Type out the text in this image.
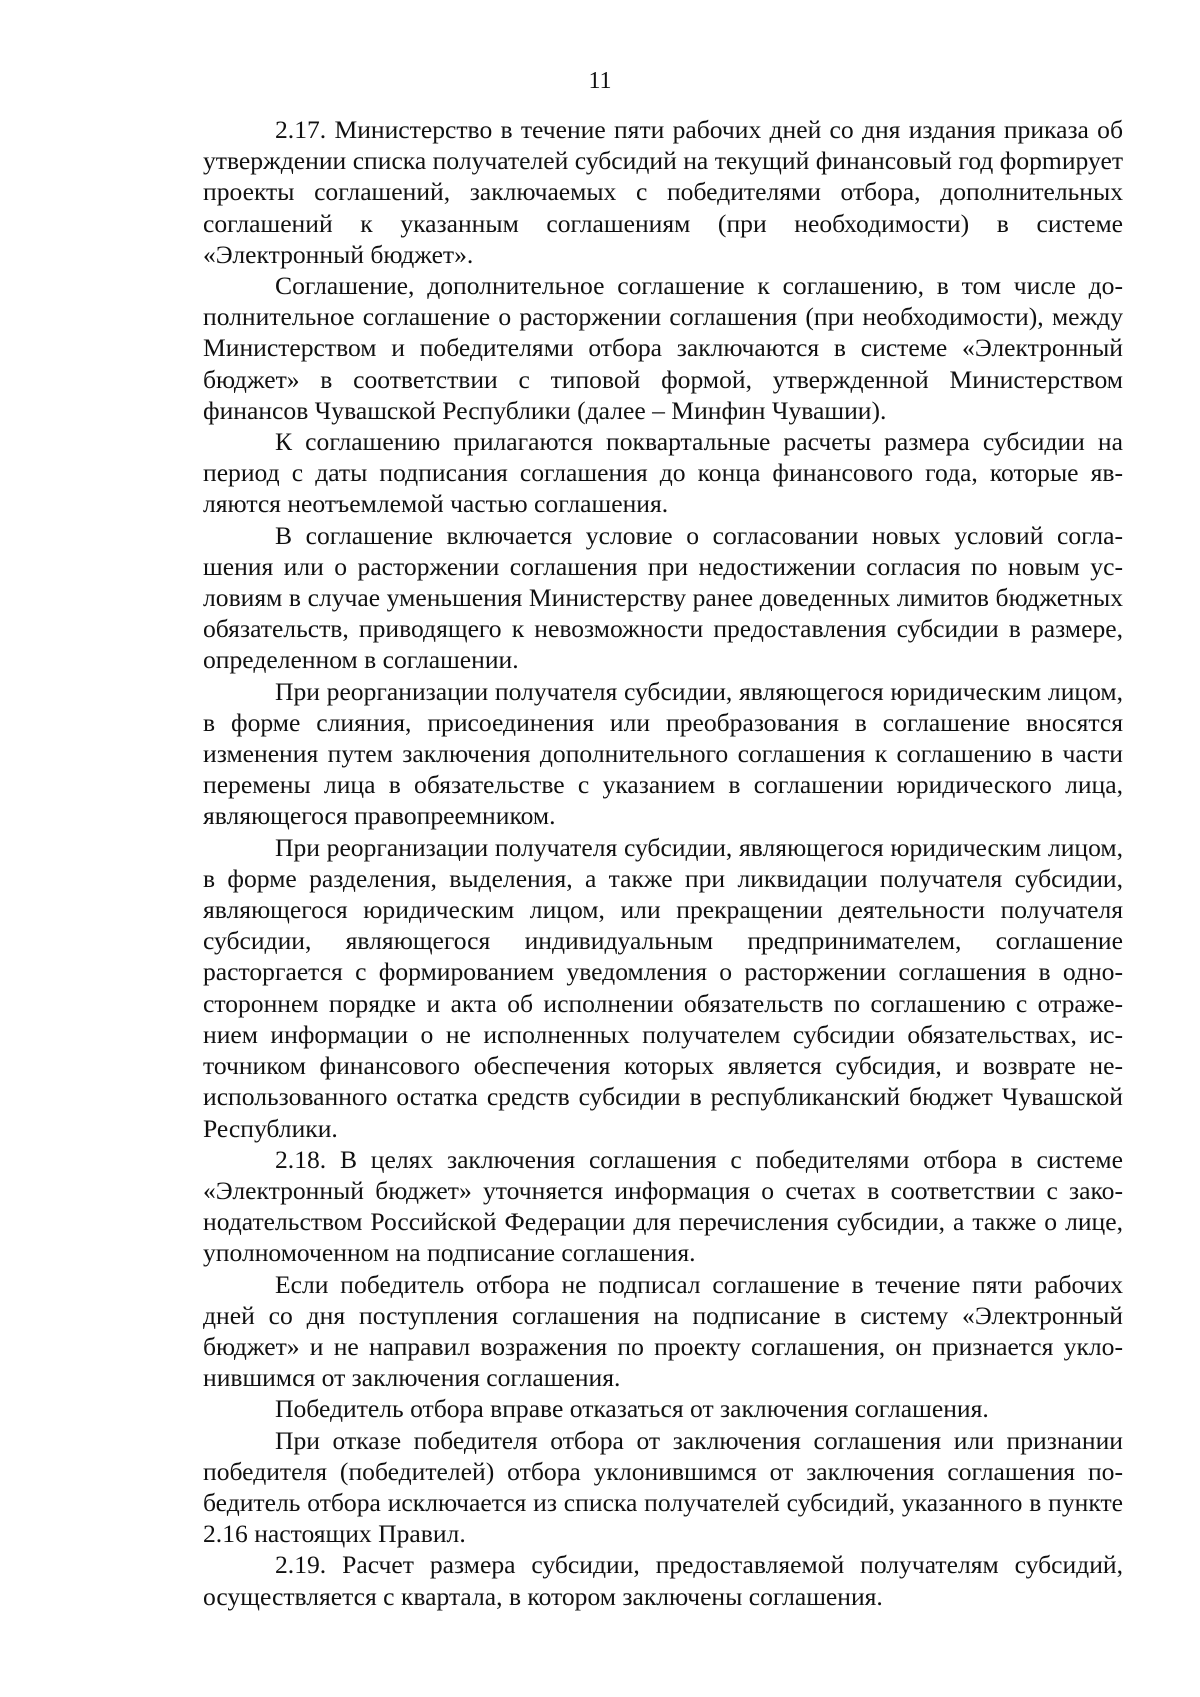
11

2.17. Министерство в течение пяти рабочих дней со дня издания приказа об утверждении списка получателей субсидий на текущий финансовый год форmирует проекты соглашений, заключаемых с победителями отбора, дополнительных соглашений к указанным соглашениям (при необходимости) в системе «Электронный бюджет».

Соглашение, дополнительное соглашение к соглашению, в том числе дополнительное соглашение о расторжении соглашения (при необходимости), между Министерством и победителями отбора заключаются в системе «Электронный бюджет» в соответствии с типовой формой, утвержденной Министерством финансов Чувашской Республики (далее – Минфин Чувашии).

К соглашению прилагаются поквартальные расчеты размера субсидии на период с даты подписания соглашения до конца финансового года, которые являются неотъемлемой частью соглашения.

В соглашение включается условие о согласовании новых условий соглашения или о расторжении соглашения при недостижении согласия по новым условиям в случае уменьшения Министерству ранее доведенных лимитов бюджетных обязательств, приводящего к невозможности предоставления субсидии в размере, определенном в соглашении.

При реорганизации получателя субсидии, являющегося юридическим лицом, в форме слияния, присоединения или преобразования в соглашение вносятся изменения путем заключения дополнительного соглашения к соглашению в части перемены лица в обязательстве с указанием в соглашении юридического лица, являющегося правопреемником.

При реорганизации получателя субсидии, являющегося юридическим лицом, в форме разделения, выделения, а также при ликвидации получателя субсидии, являющегося юридическим лицом, или прекращении деятельности получателя субсидии, являющегося индивидуальным предпринимателем, соглашение расторгается с формированием уведомления о расторжении соглашения в одностороннем порядке и акта об исполнении обязательств по соглашению с отражением информации о не исполненных получателем субсидии обязательствах, источником финансового обеспечения которых является субсидия, и возврате неиспользованного остатка средств субсидии в республиканский бюджет Чувашской Республики.

2.18. В целях заключения соглашения с победителями отбора в системе «Электронный бюджет» уточняется информация о счетах в соответствии с законодательством Российской Федерации для перечисления субсидии, а также о лице, уполномоченном на подписание соглашения.

Если победитель отбора не подписал соглашение в течение пяти рабочих дней со дня поступления соглашения на подписание в систему «Электронный бюджет» и не направил возражения по проекту соглашения, он признается уклонившимся от заключения соглашения.

Победитель отбора вправе отказаться от заключения соглашения.

При отказе победителя отбора от заключения соглашения или признании победителя (победителей) отбора уклонившимся от заключения соглашения победитель отбора исключается из списка получателей субсидий, указанного в пункте 2.16 настоящих Правил.

2.19. Расчет размера субсидии, предоставляемой получателям субсидий, осуществляется с квартала, в котором заключены соглашения.
